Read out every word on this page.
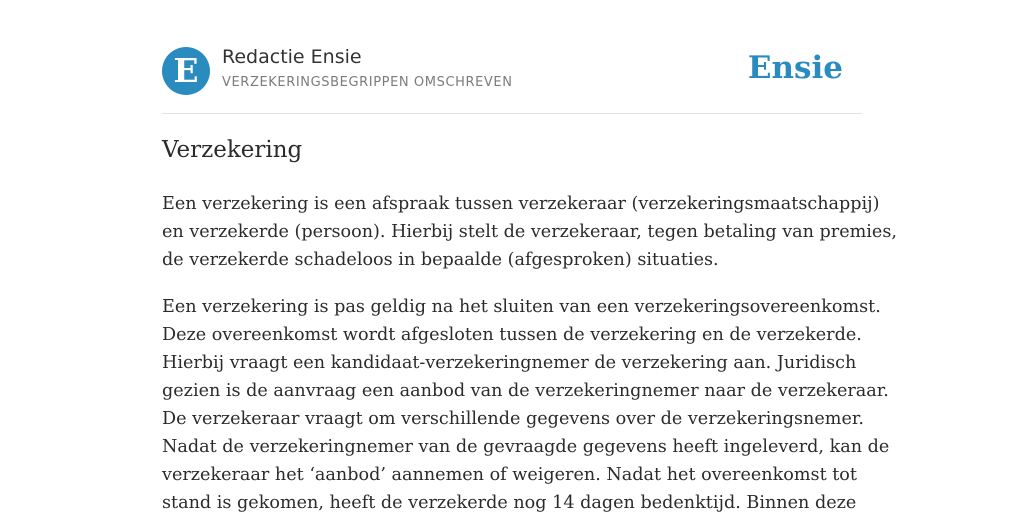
E	Redactie Ensie
VERZEKERINGSBEGRIPPEN OMSCHREVEN	Ensie
Verzekering

Een verzekering is een afspraak tussen verzekeraar (verzekeringsmaatschappij)
en verzekerde (persoon). Hierbij stelt de verzekeraar, tegen betaling van premies,
de verzekerde schadeloos in bepaalde (afgesproken) situaties.

Een verzekering is pas geldig na het sluiten van een verzekeringsovereenkomst.
Deze overeenkomst wordt afgesloten tussen de verzekering en de verzekerde.
Hierbij vraagt een kandidaat-verzekeringnemer de verzekering aan. Juridisch
gezien is de aanvraag een aanbod van de verzekeringnemer naar de verzekeraar.
De verzekeraar vraagt om verschillende gegevens over de verzekeringsnemer.
Nadat de verzekeringnemer van de gevraagde gegevens heeft ingeleverd, kan de
verzekeraar het ‘aanbod’ aannemen of weigeren. Nadat het overeenkomst tot
stand is gekomen, heeft de verzekerde nog 14 dagen bedenktijd. Binnen deze
